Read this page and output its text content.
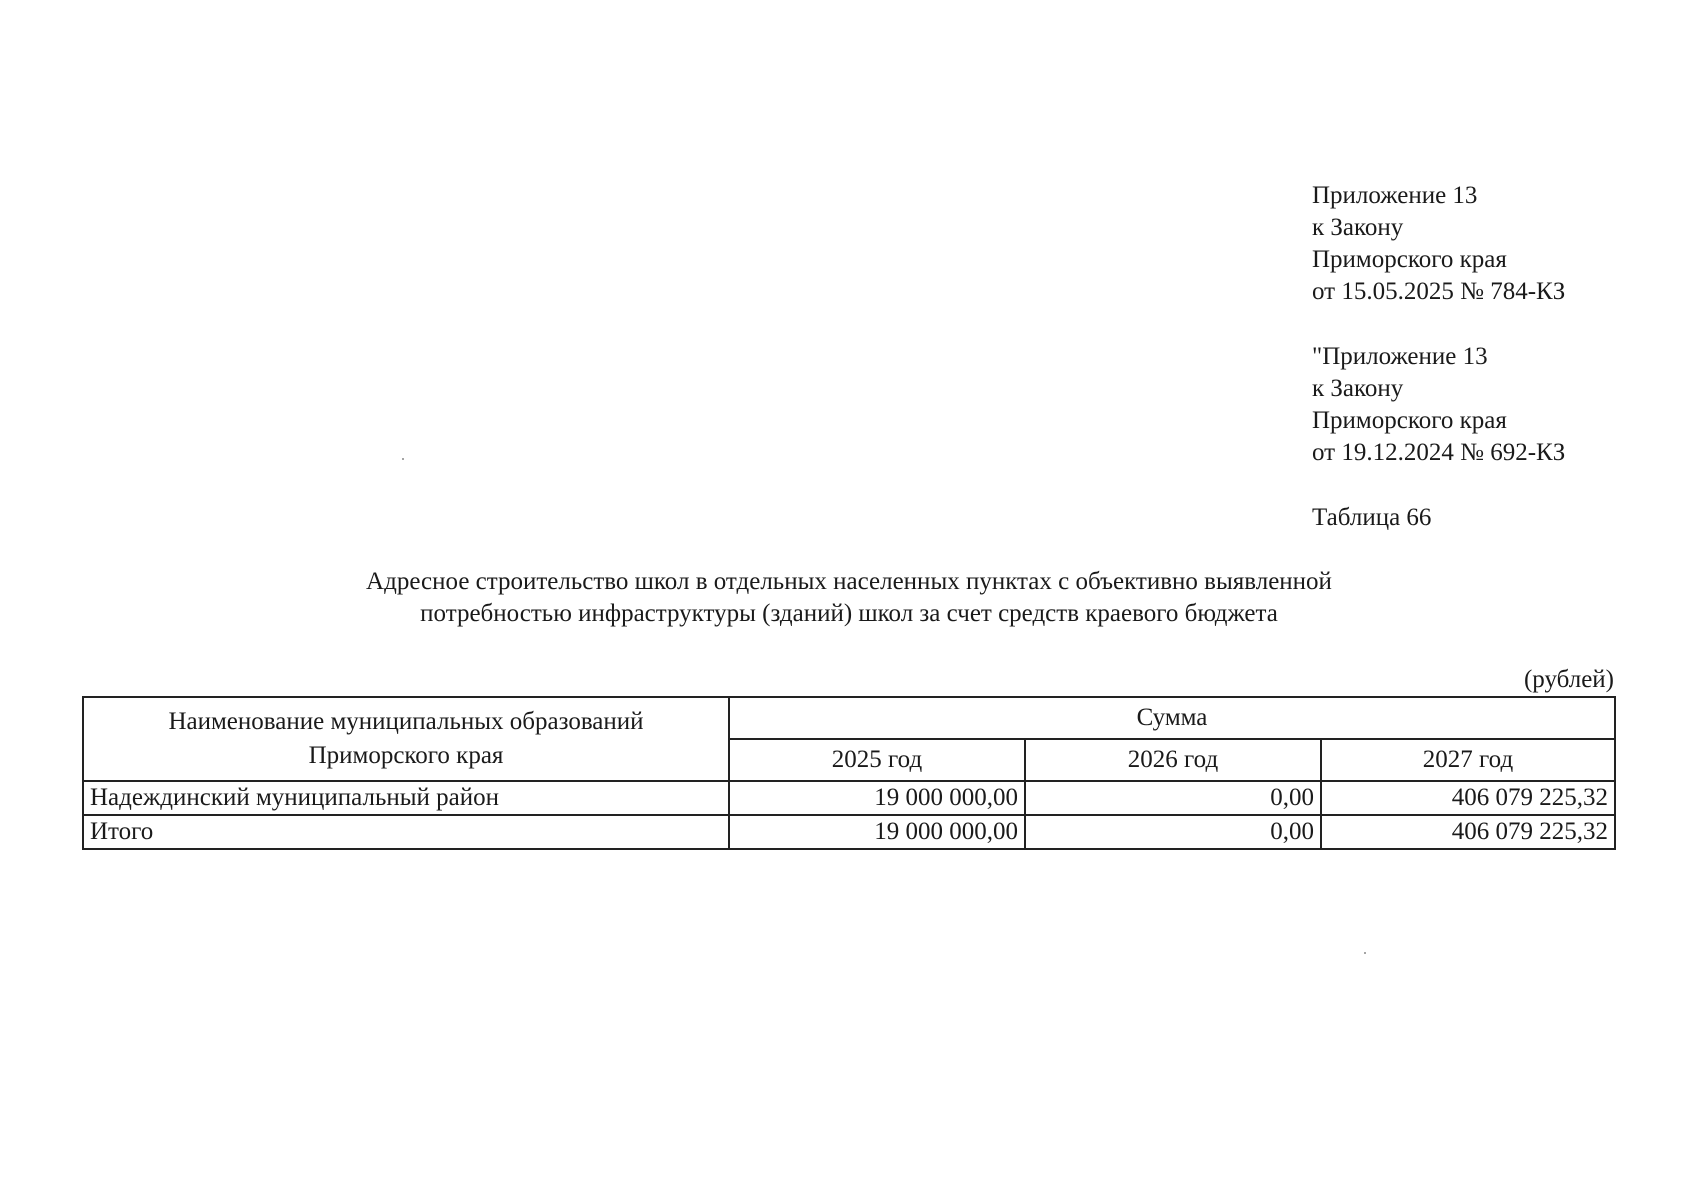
Приложение 13
к Закону
Приморского края
от 15.05.2025 № 784-КЗ
"Приложение 13
к Закону
Приморского края
от 19.12.2024 № 692-КЗ
Таблица 66
Адресное строительство школ в отдельных населенных пунктах с объективно выявленной
потребностью инфраструктуры (зданий) школ за счет средств краевого бюджета
(рублей)
Наименование муниципальных образований
Приморского края	Сумма		
	2025 год	2026 год	2027 год
Надеждинский муниципальный район	19 000 000,00	0,00	406 079 225,32
Итого	19 000 000,00	0,00	406 079 225,32
